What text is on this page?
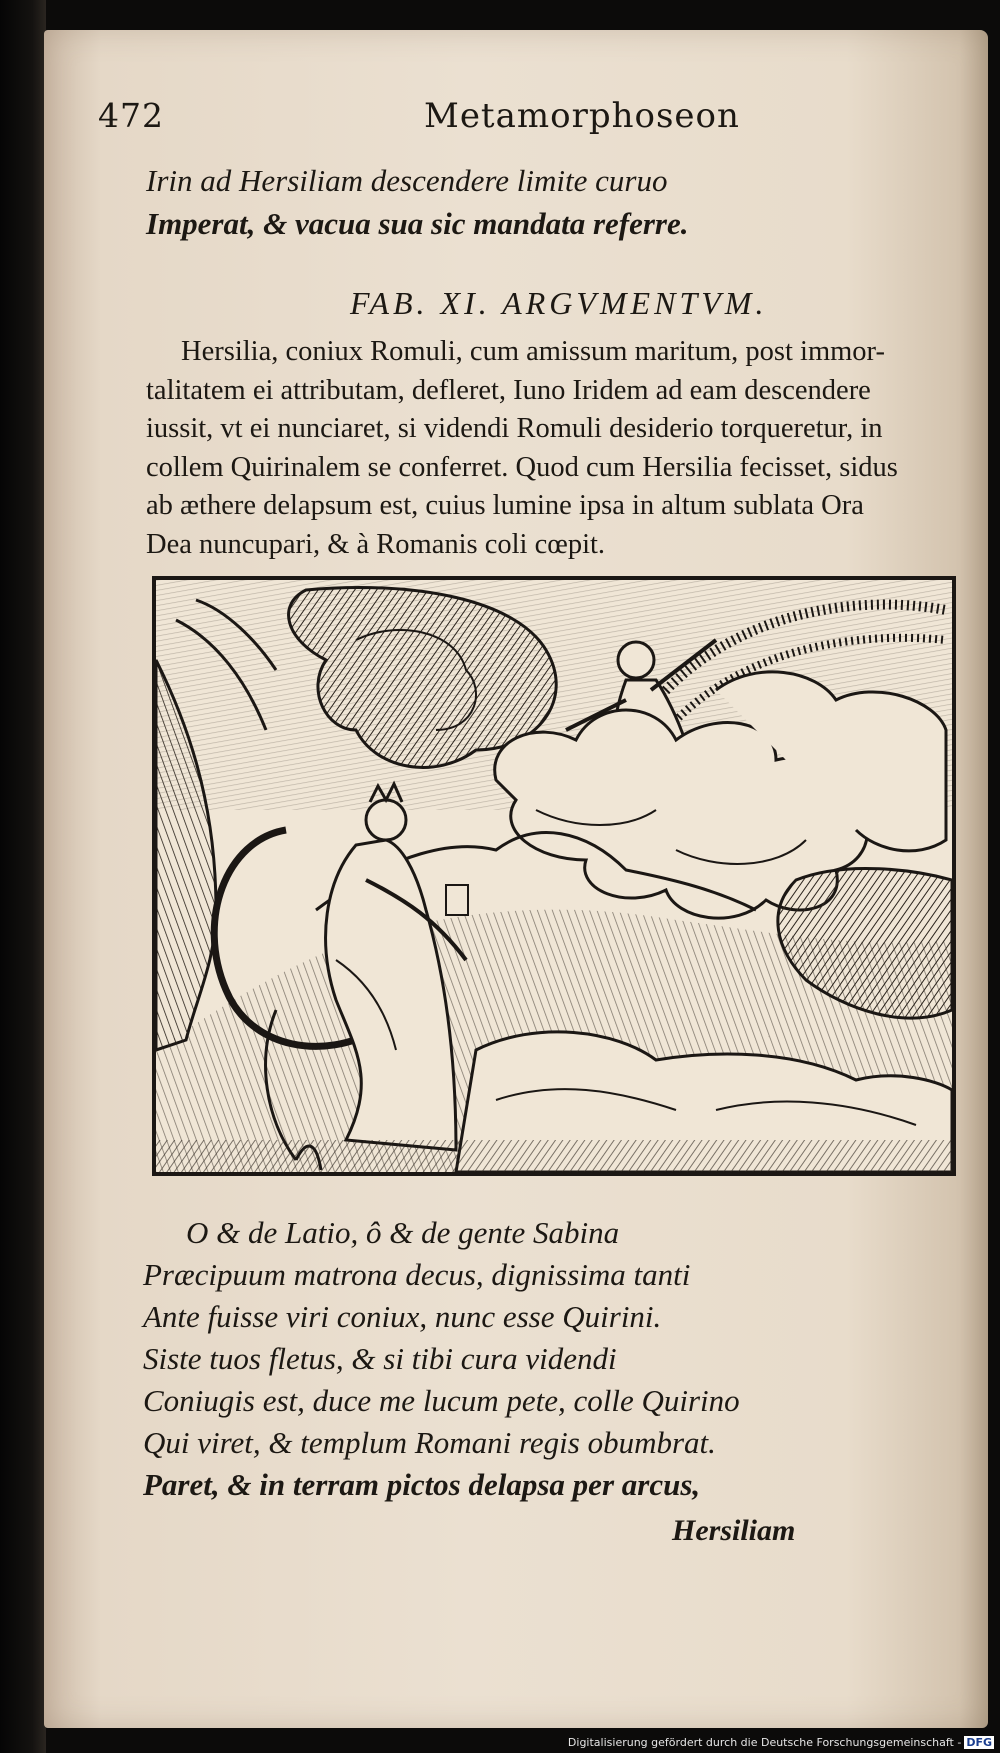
472	Metamorphoseon

Irin ad Hersiliam descendere limite curuo

Imperat, & vacua sua sic mandata referre.

FAB. XI. ARGVMENTVM.
Hersilia, coniux Romuli, cum amissum maritum, post immor-
talitatem ei attributam, defleret, Iuno Iridem ad eam descendere
iussit, vt ei nunciaret, si videndi Romuli desiderio torqueretur, in
collem Quirinalem se conferret. Quod cum Hersilia fecisset, sidus
ab æthere delapsum est, cuius lumine ipsa in altum sublata Ora
Dea nuncupari, & à Romanis coli cœpit.

O & de Latio, ô & de gente Sabina

Præcipuum matrona decus, dignissima tanti

Ante fuisse viri coniux, nunc esse Quirini.

Siste tuos fletus, & si tibi cura videndi

Coniugis est, duce me lucum pete, colle Quirino

Qui viret, & templum Romani regis obumbrat.

Paret, & in terram pictos delapsa per arcus,

Hersiliam
Digitalisierung gefördert durch die Deutsche Forschungsgemeinschaft - DFG
